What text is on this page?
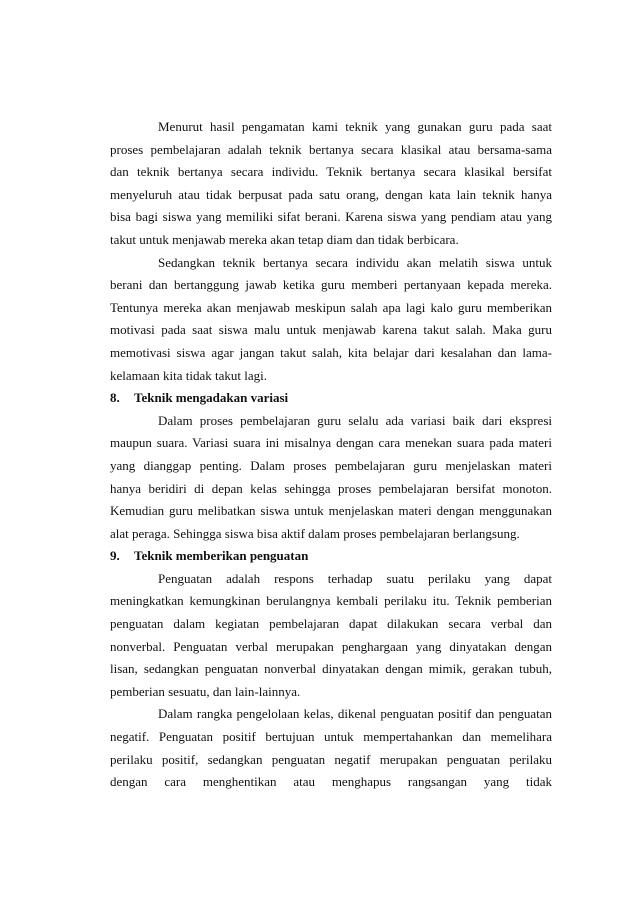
Menurut hasil pengamatan kami teknik yang gunakan guru pada saat
proses pembelajaran adalah teknik bertanya secara klasikal atau bersama-sama
dan teknik bertanya secara individu. Teknik bertanya secara klasikal bersifat
menyeluruh atau tidak berpusat pada satu orang, dengan kata lain teknik hanya
bisa bagi siswa yang memiliki sifat berani. Karena siswa yang pendiam atau yang
takut untuk menjawab mereka akan tetap diam dan tidak berbicara.
Sedangkan teknik bertanya secara individu akan melatih siswa untuk
berani dan bertanggung jawab ketika guru memberi pertanyaan kepada mereka.
Tentunya mereka akan menjawab meskipun salah apa lagi kalo guru memberikan
motivasi pada saat siswa malu untuk menjawab karena takut salah. Maka guru
memotivasi siswa agar jangan takut salah, kita belajar dari kesalahan dan lama-
kelamaan kita tidak takut lagi.
8.	Teknik mengadakan variasi
Dalam proses pembelajaran guru selalu ada variasi baik dari ekspresi
maupun suara. Variasi suara ini misalnya dengan cara menekan suara pada materi
yang dianggap penting. Dalam proses pembelajaran guru menjelaskan materi
hanya beridiri di depan kelas sehingga proses pembelajaran bersifat monoton.
Kemudian guru melibatkan siswa untuk menjelaskan materi dengan menggunakan
alat peraga. Sehingga siswa bisa aktif dalam proses pembelajaran berlangsung.
9.	Teknik memberikan penguatan
Penguatan adalah respons terhadap suatu perilaku yang dapat
meningkatkan kemungkinan berulangnya kembali perilaku itu. Teknik pemberian
penguatan dalam kegiatan pembelajaran dapat dilakukan secara verbal dan
nonverbal. Penguatan verbal merupakan penghargaan yang dinyatakan dengan
lisan, sedangkan penguatan nonverbal dinyatakan dengan mimik, gerakan tubuh,
pemberian sesuatu, dan lain-lainnya.
Dalam rangka pengelolaan kelas, dikenal penguatan positif dan penguatan
negatif. Penguatan positif bertujuan untuk mempertahankan dan memelihara
perilaku positif, sedangkan penguatan negatif merupakan penguatan perilaku
dengan cara menghentikan atau menghapus rangsangan yang tidak
